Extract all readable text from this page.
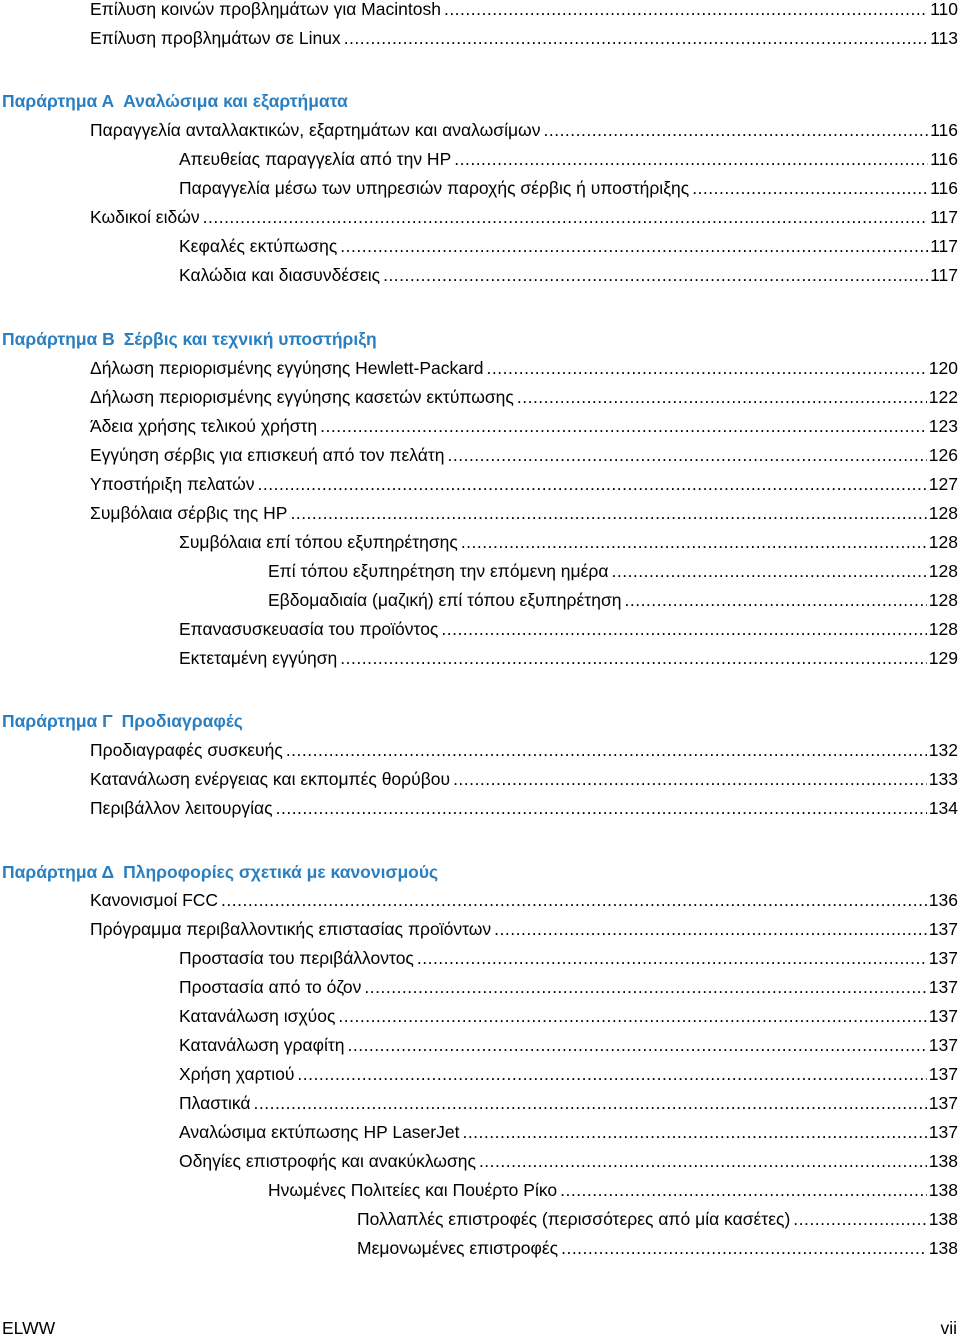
Επίλυση κοινών προβλημάτων για Macintosh .....	110
Επίλυση προβλημάτων σε Linux .....	113
Παράρτημα Α Αναλώσιμα και εξαρτήματα
Παραγγελία ανταλλακτικών, εξαρτημάτων και αναλωσίμων .....	116
Απευθείας παραγγελία από την HP .....	116
Παραγγελία μέσω των υπηρεσιών παροχής σέρβις ή υποστήριξης .....	116
Κωδικοί ειδών .....	117
Κεφαλές εκτύπωσης .....	117
Καλώδια και διασυνδέσεις .....	117
Παράρτημα Β Σέρβις και τεχνική υποστήριξη
Δήλωση περιορισμένης εγγύησης Hewlett-Packard .....	120
Δήλωση περιορισμένης εγγύησης κασετών εκτύπωσης .....	122
Άδεια χρήσης τελικού χρήστη .....	123
Εγγύηση σέρβις για επισκευή από τον πελάτη .....	126
Υποστήριξη πελατών .....	127
Συμβόλαια σέρβις της HP .....	128
Συμβόλαια επί τόπου εξυπηρέτησης .....	128
Επί τόπου εξυπηρέτηση την επόμενη ημέρα .....	128
Εβδομαδιαία (μαζική) επί τόπου εξυπηρέτηση .....	128
Επανασυσκευασία του προϊόντος .....	128
Εκτεταμένη εγγύηση .....	129
Παράρτημα Γ Προδιαγραφές
Προδιαγραφές συσκευής .....	132
Κατανάλωση ενέργειας και εκπομπές θορύβου .....	133
Περιβάλλον λειτουργίας .....	134
Παράρτημα Δ Πληροφορίες σχετικά με κανονισμούς
Κανονισμοί FCC .....	136
Πρόγραμμα περιβαλλοντικής επιστασίας προϊόντων .....	137
Προστασία του περιβάλλοντος .....	137
Προστασία από το όζον .....	137
Κατανάλωση ισχύος .....	137
Κατανάλωση γραφίτη .....	137
Χρήση χαρτιού .....	137
Πλαστικά .....	137
Αναλώσιμα εκτύπωσης HP LaserJet .....	137
Οδηγίες επιστροφής και ανακύκλωσης .....	138
Ηνωμένες Πολιτείες και Πουέρτο Ρίκο .....	138
Πολλαπλές επιστροφές (περισσότερες από μία κασέτες) .....	138
Μεμονωμένες επιστροφές .....	138
ELWW	vii
